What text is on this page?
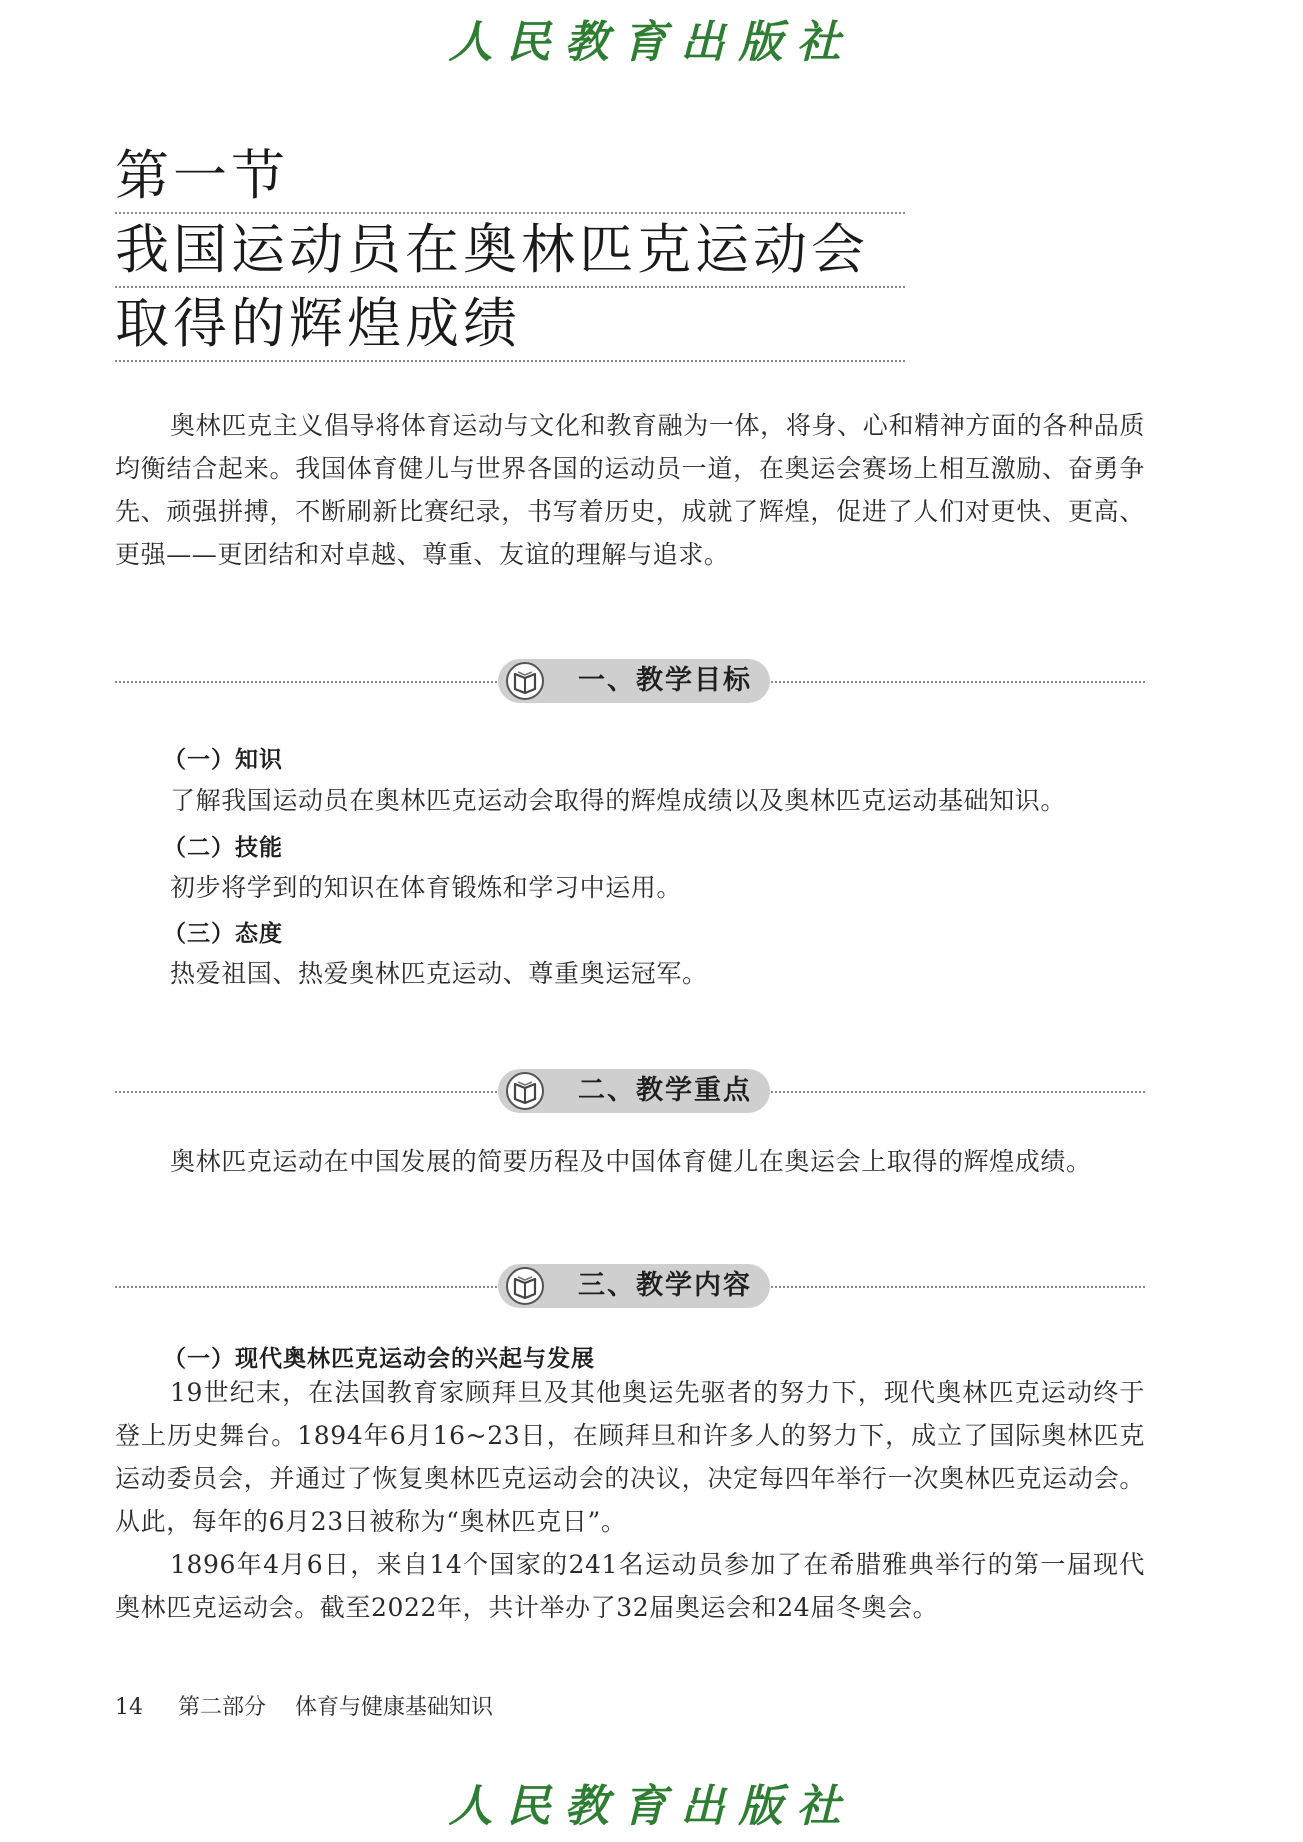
人民教育出版社
第一节
我国运动员在奥林匹克运动会
取得的辉煌成绩

奥林匹克主义倡导将体育运动与文化和教育融为一体，将身、心和精神方面的各种品质均衡结合起来。我国体育健儿与世界各国的运动员一道，在奥运会赛场上相互激励、奋勇争先、顽强拼搏，不断刷新比赛纪录，书写着历史，成就了辉煌，促进了人们对更快、更高、更强——更团结和对卓越、尊重、友谊的理解与追求。

一、教学目标
（一）知识
了解我国运动员在奥林匹克运动会取得的辉煌成绩以及奥林匹克运动基础知识。
（二）技能
初步将学到的知识在体育锻炼和学习中运用。
（三）态度
热爱祖国、热爱奥林匹克运动、尊重奥运冠军。
二、教学重点
奥林匹克运动在中国发展的简要历程及中国体育健儿在奥运会上取得的辉煌成绩。
三、教学内容
（一）现代奥林匹克运动会的兴起与发展

19世纪末，在法国教育家顾拜旦及其他奥运先驱者的努力下，现代奥林匹克运动终于登上历史舞台。1894年6月16~23日，在顾拜旦和许多人的努力下，成立了国际奥林匹克运动委员会，并通过了恢复奥林匹克运动会的决议，决定每四年举行一次奥林匹克运动会。从此，每年的6月23日被称为“奥林匹克日”。

1896年4月6日，来自14个国家的241名运动员参加了在希腊雅典举行的第一届现代奥林匹克运动会。截至2022年，共计举办了32届奥运会和24届冬奥会。

14 第二部分 体育与健康基础知识
人民教育出版社
